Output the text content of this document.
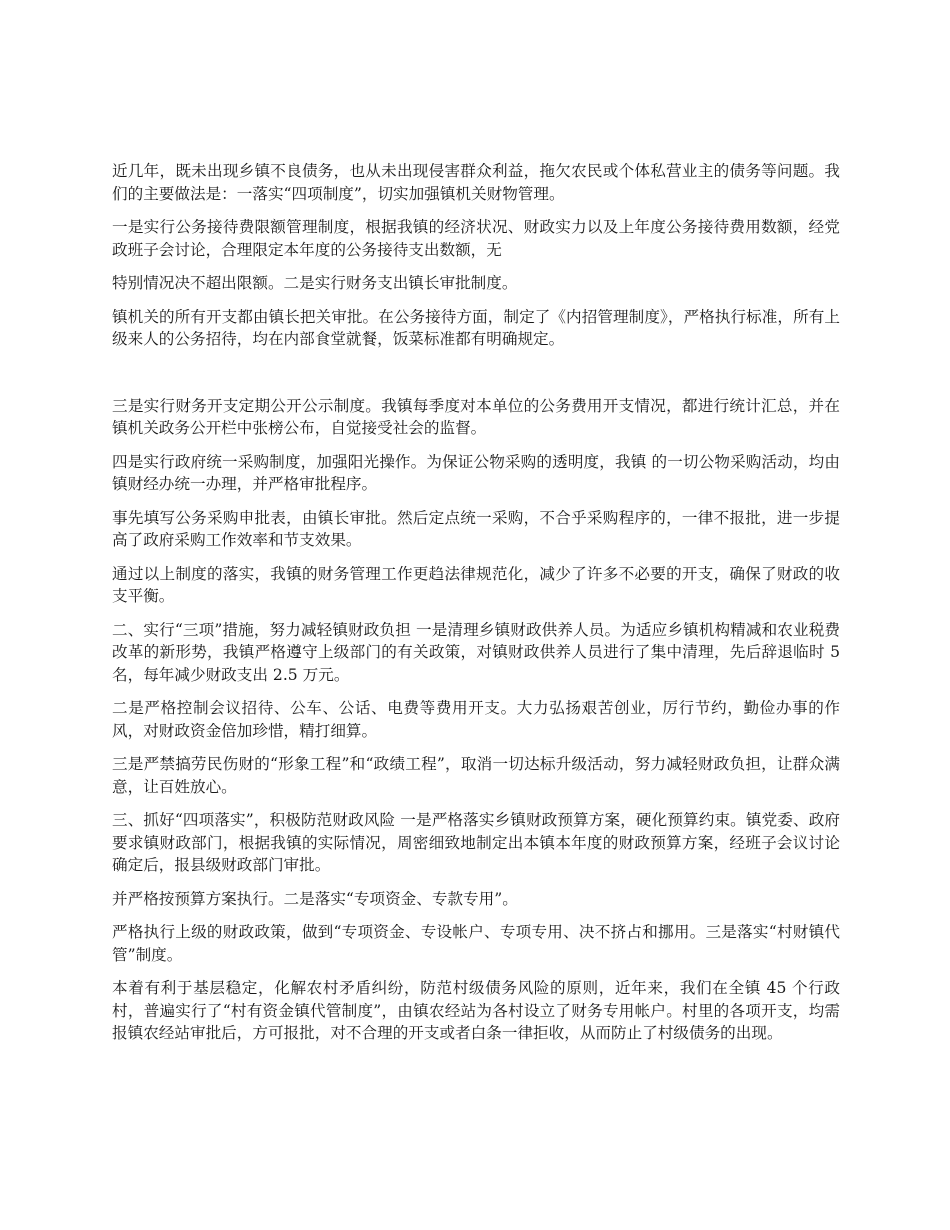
近几年，既未出现乡镇不良债务，也从未出现侵害群众利益，拖欠农民或个体私营业主的债务等问题。我们的主要做法是：一落实“四项制度”，切实加强镇机关财物管理。

一是实行公务接待费限额管理制度，根据我镇的经济状况、财政实力以及上年度公务接待费用数额，经党政班子会讨论，合理限定本年度的公务接待支出数额，无

特别情况决不超出限额。二是实行财务支出镇长审批制度。

镇机关的所有开支都由镇长把关审批。在公务接待方面，制定了《内招管理制度》，严格执行标准，所有上级来人的公务招待，均在内部食堂就餐，饭菜标准都有明确规定。

三是实行财务开支定期公开公示制度。我镇每季度对本单位的公务费用开支情况，都进行统计汇总，并在镇机关政务公开栏中张榜公布，自觉接受社会的监督。

四是实行政府统一采购制度，加强阳光操作。为保证公物采购的透明度，我镇 的一切公物采购活动，均由镇财经办统一办理，并严格审批程序。

事先填写公务采购申批表，由镇长审批。然后定点统一采购，不合乎采购程序的，一律不报批，进一步提高了政府采购工作效率和节支效果。

通过以上制度的落实，我镇的财务管理工作更趋法律规范化，减少了许多不必要的开支，确保了财政的收支平衡。

二、实行“三项”措施，努力减轻镇财政负担 一是清理乡镇财政供养人员。为适应乡镇机构精减和农业税费改革的新形势，我镇严格遵守上级部门的有关政策，对镇财政供养人员进行了集中清理，先后辞退临时 5 名，每年减少财政支出 2.5 万元。

二是严格控制会议招待、公车、公话、电费等费用开支。大力弘扬艰苦创业，厉行节约，勤俭办事的作风，对财政资金倍加珍惜，精打细算。

三是严禁搞劳民伤财的“形象工程”和“政绩工程”，取消一切达标升级活动，努力减轻财政负担，让群众满意，让百姓放心。

三、抓好“四项落实”，积极防范财政风险 一是严格落实乡镇财政预算方案，硬化预算约束。镇党委、政府要求镇财政部门，根据我镇的实际情况，周密细致地制定出本镇本年度的财政预算方案，经班子会议讨论确定后，报县级财政部门审批。

并严格按预算方案执行。二是落实“专项资金、专款专用”。

严格执行上级的财政政策，做到“专项资金、专设帐户、专项专用、决不挤占和挪用。三是落实“村财镇代管”制度。

本着有利于基层稳定，化解农村矛盾纠纷，防范村级债务风险的原则，近年来，我们在全镇 45 个行政村，普遍实行了“村有资金镇代管制度”，由镇农经站为各村设立了财务专用帐户。村里的各项开支，均需报镇农经站审批后，方可报批，对不合理的开支或者白条一律拒收，从而防止了村级债务的出现。
